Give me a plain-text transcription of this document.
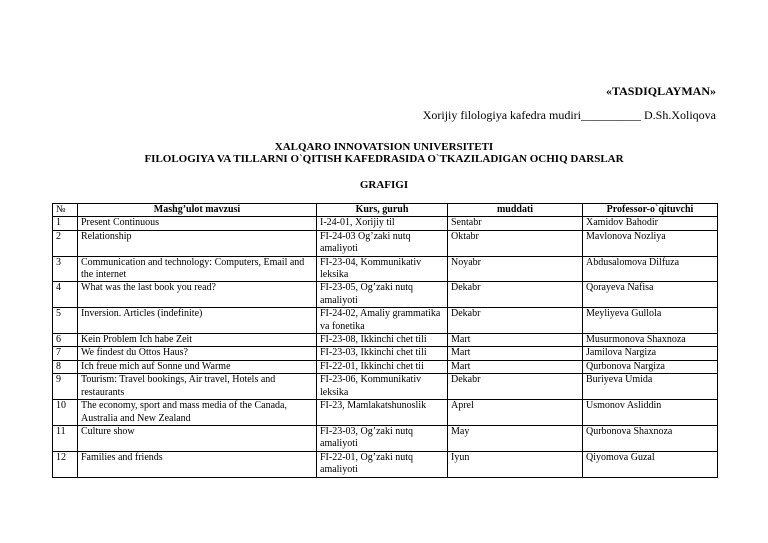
«TASDIQLAYMAN»
Xorijiy filologiya kafedra mudiri__________ D.Sh.Xoliqova
XALQARO INNOVATSION UNIVERSITETI
FILOLOGIYA VA TILLARNI O`QITISH KAFEDRASIDA O`TKAZILADIGAN OCHIQ DARSLAR
GRAFIGI
№	Mashg’ulot mavzusi	Kurs, guruh	muddati	Professor-o`qituvchi
1	Present Continuous	I-24-01, Xorijiy til	Sentabr	Xamidov Bahodir
2	Relationship	FI-24-03 Og’zaki nutq amaliyoti	Oktabr	Mavlonova Nozliya
3	Communication and technology: Computers, Email and the internet	FI-23-04, Kommunikativ leksika	Noyabr	Abdusalomova Dilfuza
4	What was the last book you read?	FI-23-05, Og’zaki nutq amaliyoti	Dekabr	Qorayeva Nafisa
5	Inversion. Articles (indefinite)	FI-24-02, Amaliy grammatika va fonetika	Dekabr	Meyliyeva Gullola
6	Kein Problem Ich habe Zeit	FI-23-08, Ikkinchi chet tili	Mart	Musurmonova Shaxnoza
7	We findest du Ottos Haus?	FI-23-03, Ikkinchi chet tili	Mart	Jamilova Nargiza
8	Ich freue mich auf Sonne und Warme	FI-22-01, Ikkinchi chet tii	Mart	Qurbonova Nargiza
9	Tourism: Travel bookings, Air travel, Hotels and restaurants	FI-23-06, Kommunikativ leksika	Dekabr	Buriyeva Umida
10	The economy, sport and mass media of the Canada, Australia and New Zealand	FI-23, Mamlakatshunoslik	Aprel	Usmonov Asliddin
11	Culture show	FI-23-03, Og’zaki nutq amaliyoti	May	Qurbonova Shaxnoza
12	Families and friends	FI-22-01, Og’zaki nutq amaliyoti	Iyun	Qiyomova Guzal
